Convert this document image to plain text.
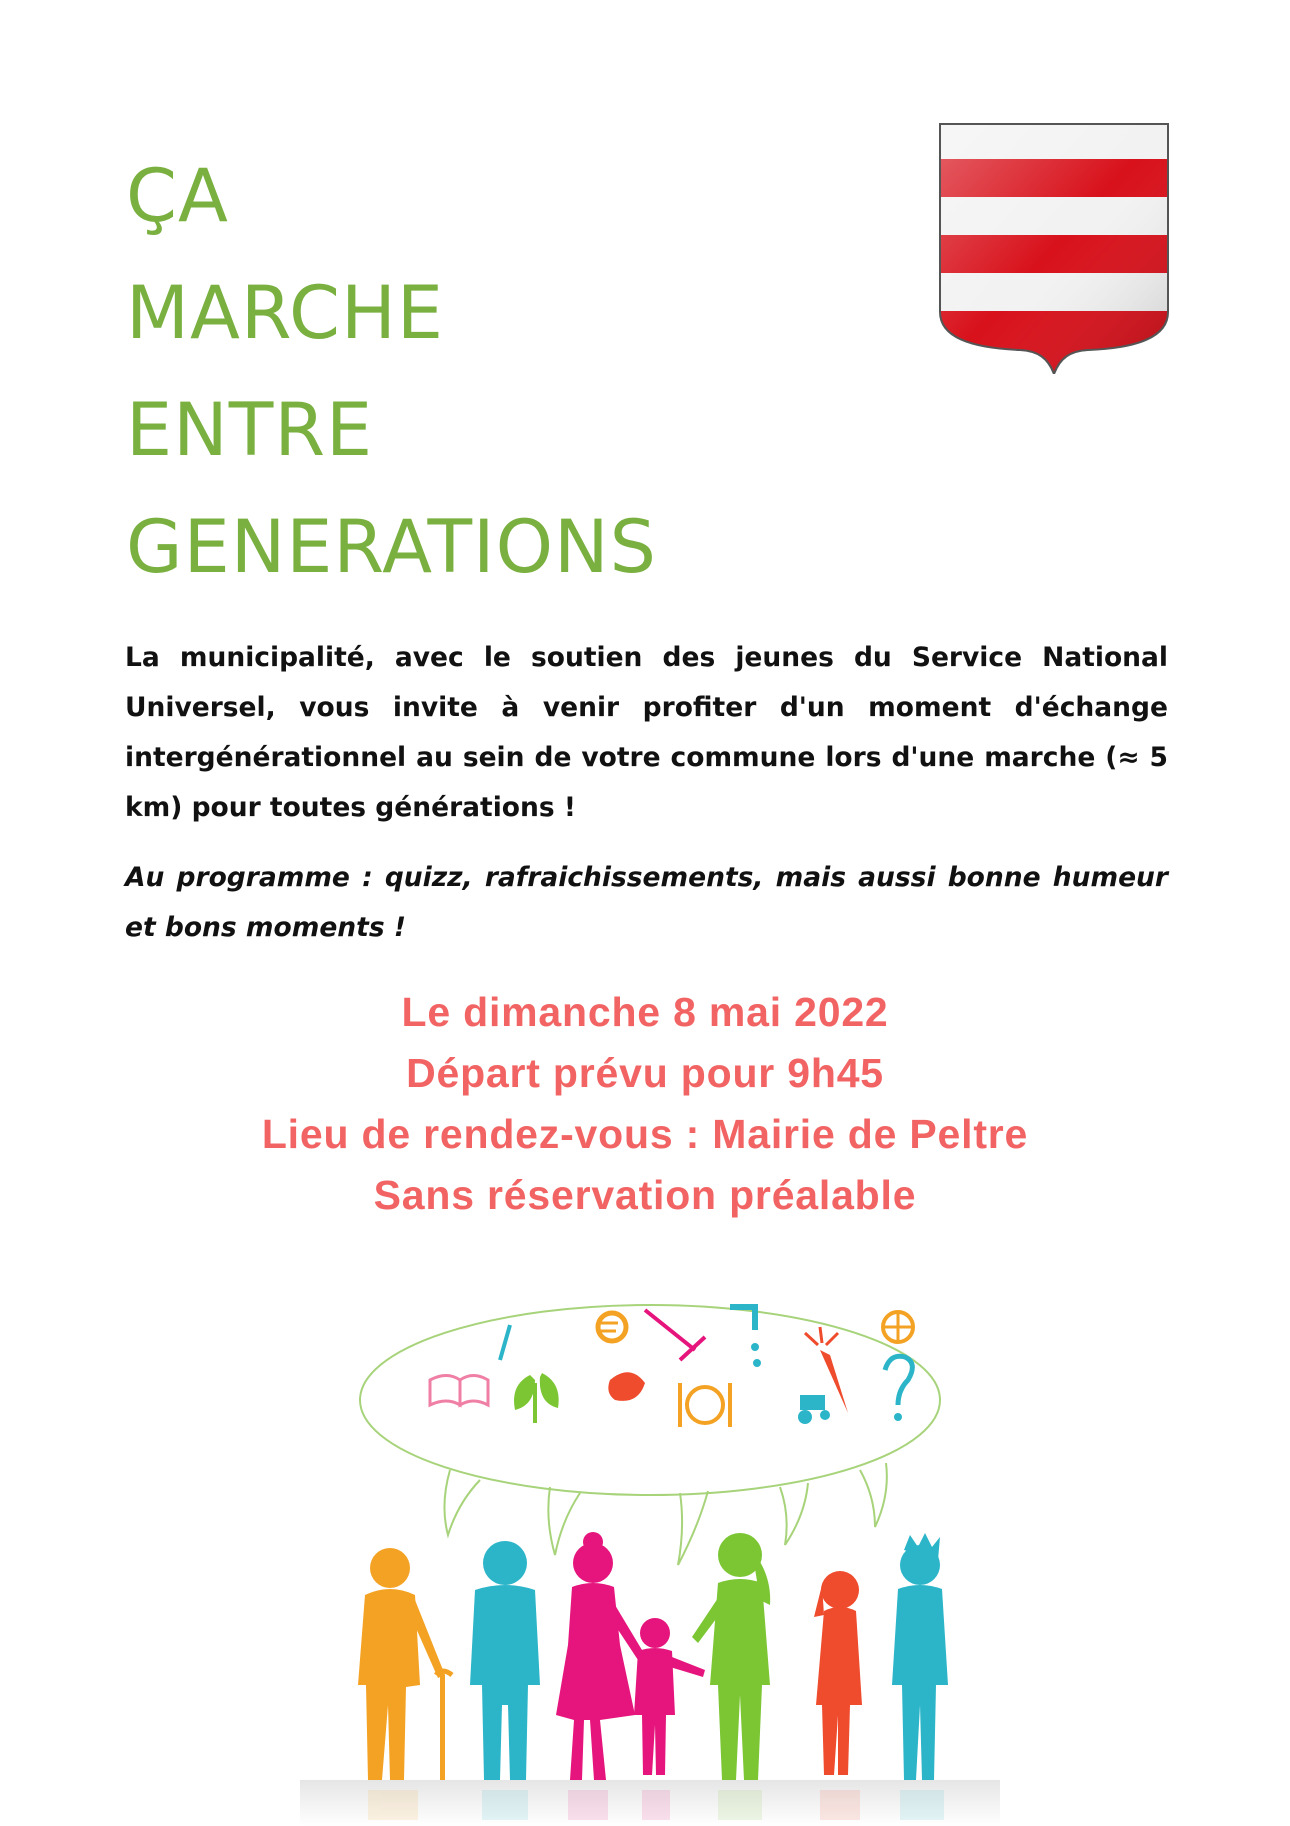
ÇA
MARCHE
ENTRE
GENERATIONS

La municipalité, avec le soutien des jeunes du Service National Universel, vous invite à venir profiter d'un moment d'échange intergénérationnel au sein de votre commune lors d'une marche (≈ 5 km) pour toutes générations !

Au programme : quizz, rafraichissements, mais aussi bonne humeur et bons moments !

Le dimanche 8 mai 2022
Départ prévu pour 9h45
Lieu de rendez-vous : Mairie de Peltre
Sans réservation préalable
